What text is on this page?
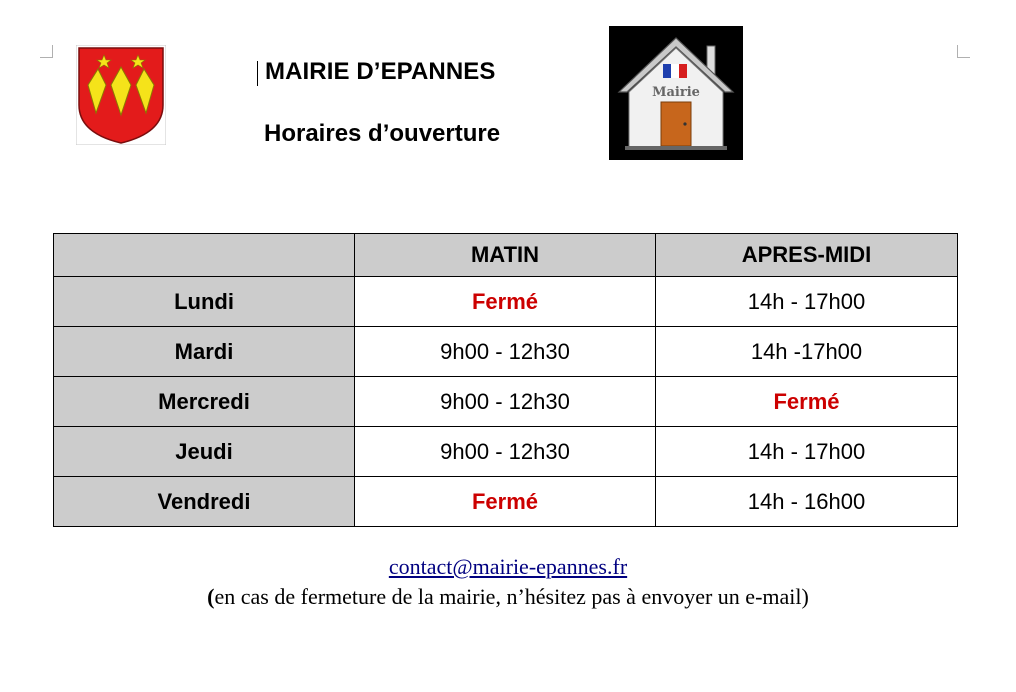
MAIRIE D’EPANNES
Horaires d’ouverture
Mairie
	MATIN	APRES-MIDI
Lundi	Fermé	14h - 17h00
Mardi	9h00 - 12h30	14h -17h00
Mercredi	9h00 - 12h30	Fermé
Jeudi	9h00 - 12h30	14h - 17h00
Vendredi	Fermé	14h - 16h00
contact@mairie-epannes.fr
(en cas de fermeture de la mairie, n’hésitez pas à envoyer un e-mail)
